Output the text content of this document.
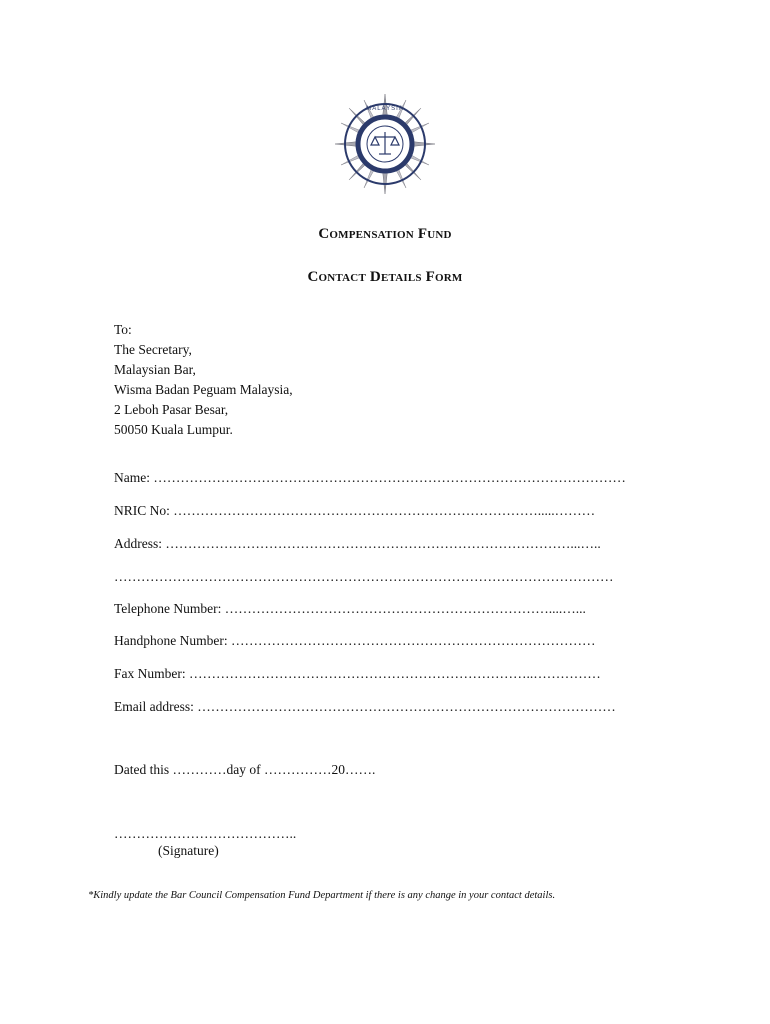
MALAYSIA
Compensation Fund
Contact Details Form
To:
The Secretary,
Malaysian Bar,
Wisma Badan Peguam Malaysia,
2 Leboh Pasar Besar,
50050 Kuala Lumpur.
Name: ……………………………………………………………………………………………
NRIC No: ……………………………………………………………………….....………
Address: ………………………………………………………………………………...…..
…………………………………………………………………………………………………
Telephone Number: ………………………………………………………………....…...
Handphone Number: ………………………………………………………………………
Fax Number: …………………………………………………………………..……………
Email address: …………………………………………………………………………………
Dated this …………day of ……………20…….
…………………………………..
(Signature)
*Kindly update the Bar Council Compensation Fund Department if there is any change in your contact details.
